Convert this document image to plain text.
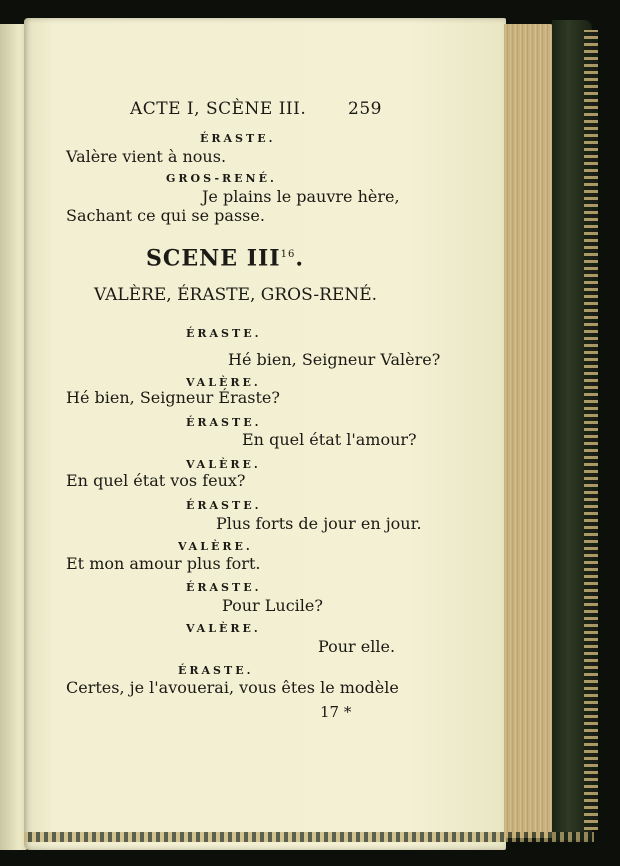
ACTE I, SCÈNE III. 259
ÉRASTE.
Valère vient à nous.
GROS-RENÉ.
Je plains le pauvre hère,
Sachant ce qui se passe.
SCENE III$^{16}$.
VALÈRE, ÉRASTE, GROS-RENÉ.
ÉRASTE.
Hé bien, Seigneur Valère?
VALÈRE.
Hé bien, Seigneur Éraste?
ÉRASTE.
En quel état l'amour?
VALÈRE.
En quel état vos feux?
ÉRASTE.
Plus forts de jour en jour.
VALÈRE.
Et mon amour plus fort.
ÉRASTE.
Pour Lucile?
VALÈRE.
Pour elle.
ÉRASTE.
Certes, je l'avouerai, vous êtes le modèle
17 *
